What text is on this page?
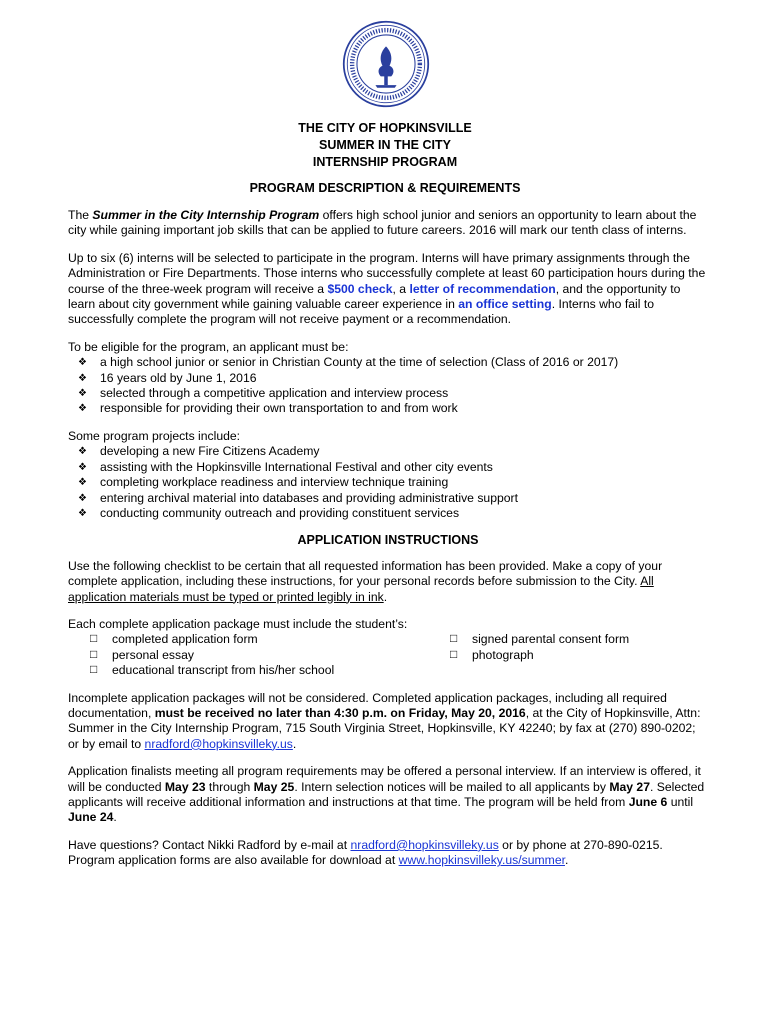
THE CITY OF HOPKINSVILLE
SUMMER IN THE CITY
INTERNSHIP PROGRAM
PROGRAM DESCRIPTION & REQUIREMENTS

The Summer in the City Internship Program offers high school junior and seniors an opportunity to learn about the city while gaining important job skills that can be applied to future careers. 2016 will mark our tenth class of interns.

Up to six (6) interns will be selected to participate in the program. Interns will have primary assignments through the Administration or Fire Departments. Those interns who successfully complete at least 60 participation hours during the course of the three-week program will receive a $500 check, a letter of recommendation, and the opportunity to learn about city government while gaining valuable career experience in an office setting. Interns who fail to successfully complete the program will not receive payment or a recommendation.

To be eligible for the program, an applicant must be:
❖ a high school junior or senior in Christian County at the time of selection (Class of 2016 or 2017)
❖ 16 years old by June 1, 2016
❖ selected through a competitive application and interview process
❖ responsible for providing their own transportation to and from work
Some program projects include:
❖ developing a new Fire Citizens Academy
❖ assisting with the Hopkinsville International Festival and other city events
❖ completing workplace readiness and interview technique training
❖ entering archival material into databases and providing administrative support
❖ conducting community outreach and providing constituent services
APPLICATION INSTRUCTIONS

Use the following checklist to be certain that all requested information has been provided. Make a copy of your complete application, including these instructions, for your personal records before submission to the City. All application materials must be typed or printed legibly in ink.

Each complete application package must include the student’s:
□ completed application form
□ personal essay
□ educational transcript from his/her school
□ signed parental consent form
□ photograph

Incomplete application packages will not be considered. Completed application packages, including all required documentation, must be received no later than 4:30 p.m. on Friday, May 20, 2016, at the City of Hopkinsville, Attn: Summer in the City Internship Program, 715 South Virginia Street, Hopkinsville, KY 42240; by fax at (270) 890-0202; or by email to nradford@hopkinsvilleky.us.

Application finalists meeting all program requirements may be offered a personal interview. If an interview is offered, it will be conducted May 23 through May 25. Intern selection notices will be mailed to all applicants by May 27. Selected applicants will receive additional information and instructions at that time. The program will be held from June 6 until June 24.

Have questions? Contact Nikki Radford by e-mail at nradford@hopkinsvilleky.us or by phone at 270-890-0215. Program application forms are also available for download at www.hopkinsvilleky.us/summer.
